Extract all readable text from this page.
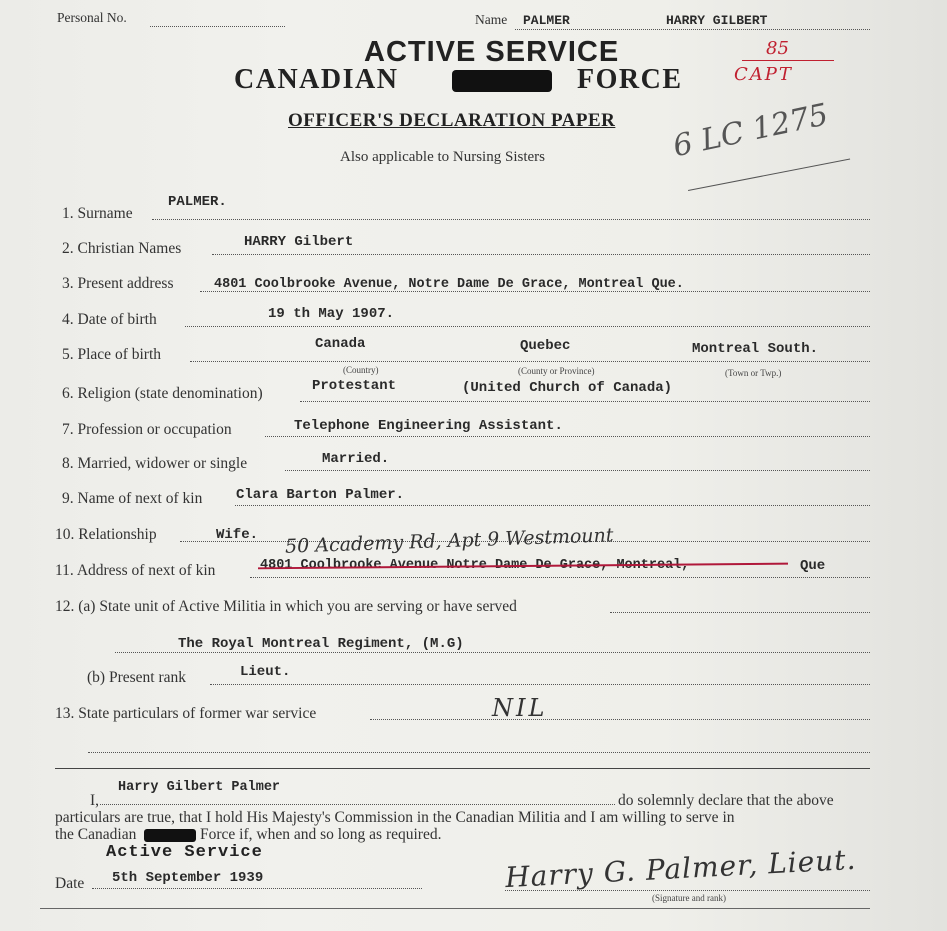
Personal No.	Name PALMER	HARRY GILBERT
ACTIVE SERVICE
CANADIAN	FORCE
OFFICER'S DECLARATION PAPER
Also applicable to Nursing Sisters
85
CAPT
6 LC 1275
1. Surname
PALMER.
2. Christian Names	HARRY Gilbert
3. Present address	4801 Coolbrooke Avenue, Notre Dame De Grace, Montreal Que.
4. Date of birth	19 th May 1907.
5. Place of birth
Canada	Quebec	Montreal South.
(Country)	(County or Province)	(Town or Twp.)
6. Religion (state denomination)	Protestant	(United Church of Canada)
7. Profession or occupation	Telephone Engineering Assistant.
8. Married, widower or single	Married.
9. Name of next of kin Clara Barton Palmer.
10. Relationship	Wife.
11. Address of next of kin
50 Academy Rd, Apt 9 Westmount
4801 Coolbrooke Avenue Notre Dame De Grace, Montreal,	Que
12. (a) State unit of Active Militia in which you are serving or have served
The Royal Montreal Regiment, (M.G)
(b) Present rank	Lieut.
13. State particulars of former war service	NIL
I,
Harry Gilbert Palmer
do solemnly declare that the above
particulars are true, that I hold His Majesty's Commission in the Canadian Militia and I am willing to serve in
the Canadian	Force if, when and so long as required.
Active Service
Date 5th September 1939	Harry G. Palmer, Lieut.
(Signature and rank)
